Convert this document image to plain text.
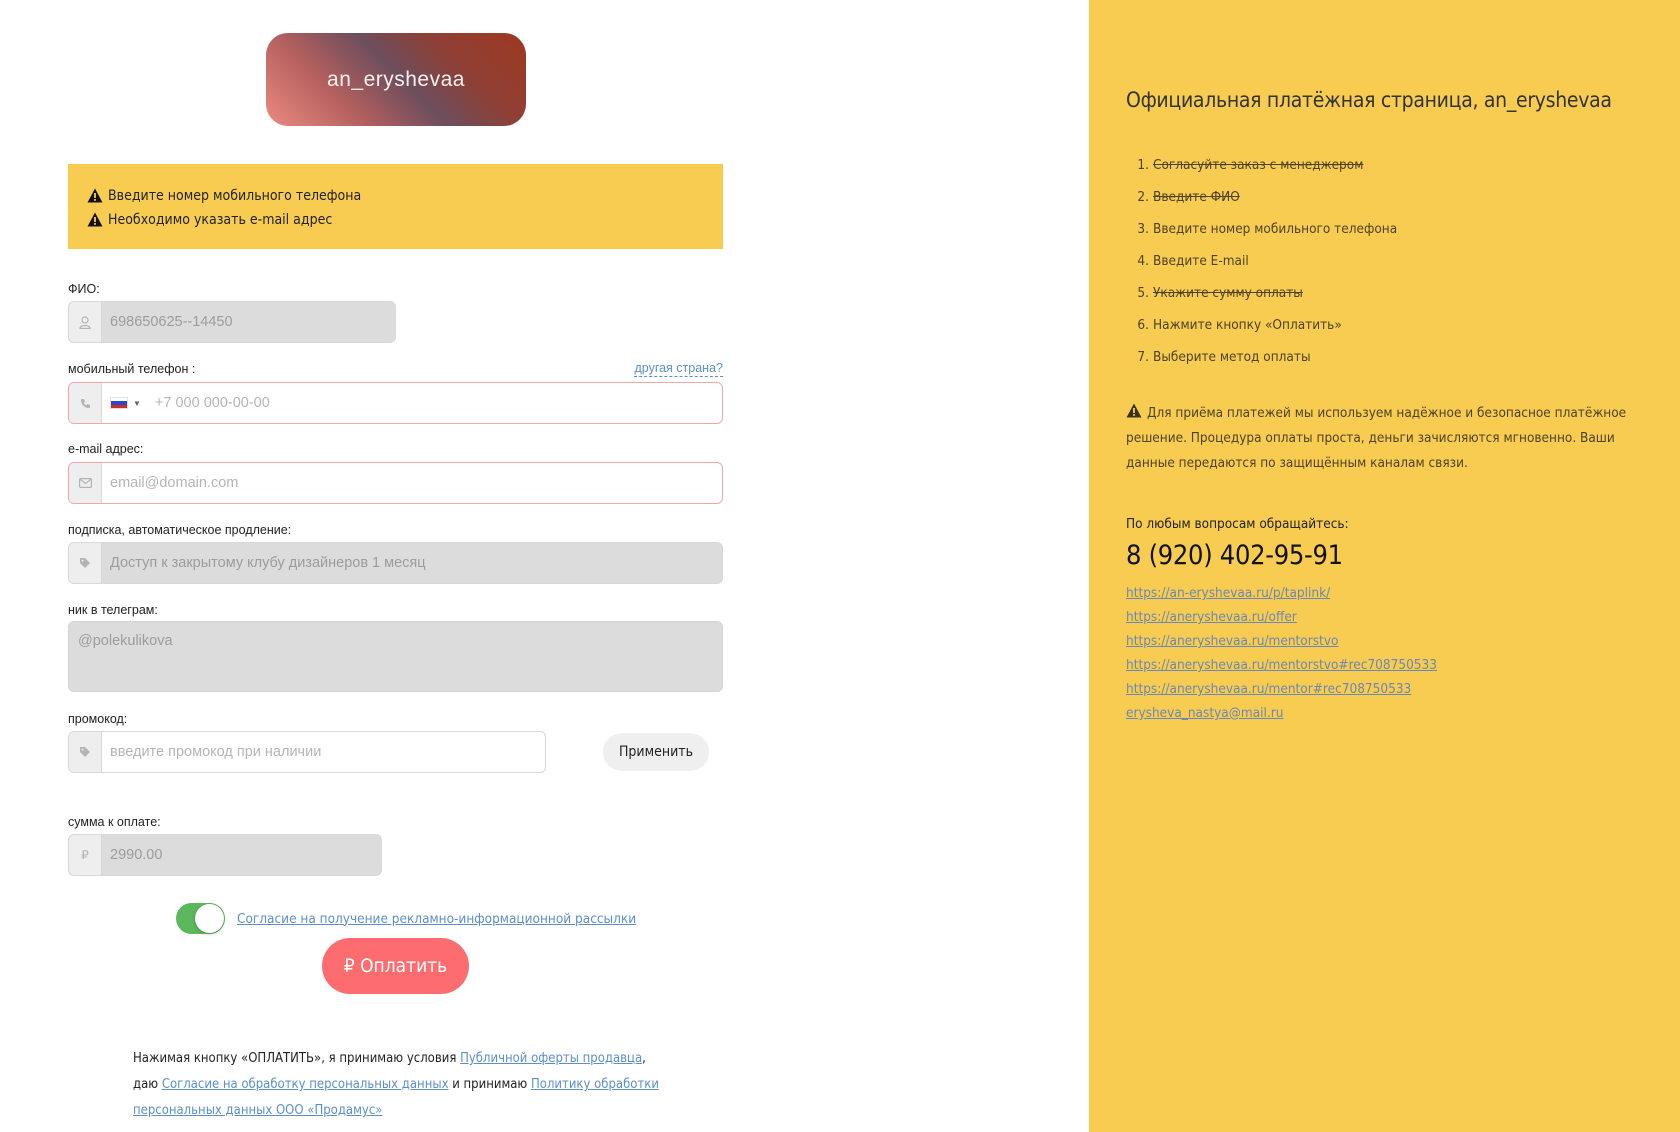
an_eryshevaa
Введите номер мобильного телефона
Необходимо указать e-mail адрес
ФИО:
698650625--14450
мобильный телефон :	другая страна?
▼
+7 000 000-00-00
e-mail адрес:
email@domain.com
подписка, автоматическое продление:
Доступ к закрытому клубу дизайнеров 1 месяц
ник в телеграм:
@polekulikova
промокод:
введите промокод при наличии
Применить
сумма к оплате:
₽	2990.00
Согласие на получение рекламно-информационной рассылки
₽ Оплатить
Нажимая кнопку «ОПЛАТИТЬ», я принимаю условия Публичной оферты продавца, даю Согласие на обработку персональных данных и принимаю Политику обработки персональных данных ООО «Продамус»
Официальная платёжная страница, an_eryshevaa
1. Согласуйте заказ с менеджером
2. Введите ФИО
3. Введите номер мобильного телефона
4. Введите E-mail
5. Укажите сумму оплаты
6. Нажмите кнопку «Оплатить»
7. Выберите метод оплаты
Для приёма платежей мы используем надёжное и безопасное платёжное решение. Процедура оплаты проста, деньги зачисляются мгновенно. Ваши данные передаются по защищённым каналам связи.
По любым вопросам обращайтесь:
8 (920) 402-95-91
https://an-eryshevaa.ru/p/taplink/
https://aneryshevaa.ru/offer
https://aneryshevaa.ru/mentorstvo
https://aneryshevaa.ru/mentorstvo#rec708750533
https://aneryshevaa.ru/mentor#rec708750533
erysheva_nastya@mail.ru
